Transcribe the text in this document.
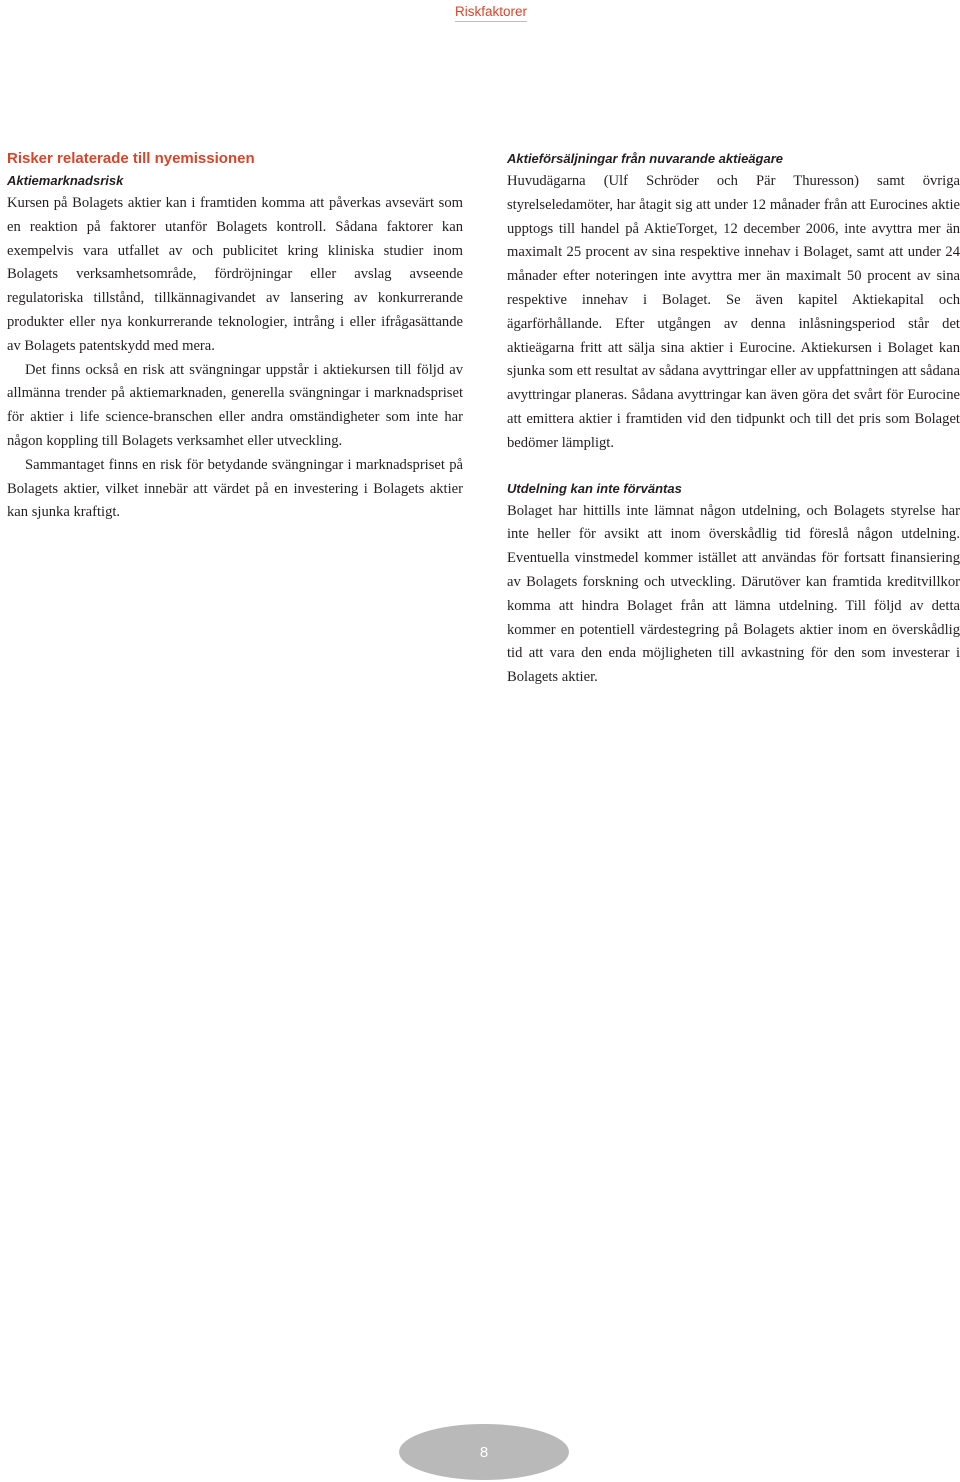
Riskfaktorer
Risker relaterade till nyemissionen
Aktiemarknadsrisk

Kursen på Bolagets aktier kan i framtiden komma att påverkas avsevärt som en reaktion på faktorer utanför Bolagets kontroll. Sådana faktorer kan exempelvis vara utfallet av och publicitet kring kliniska studier inom Bolagets verksamhetsområde, fördröjningar eller avslag avseende regulatoriska tillstånd, tillkännagivandet av lansering av konkurrerande produkter eller nya konkurrerande teknologier, intrång i eller ifrågasättande av Bolagets patentskydd med mera.

Det finns också en risk att svängningar uppstår i aktiekursen till följd av allmänna trender på aktiemarknaden, generella svängningar i marknadspriset för aktier i life science-branschen eller andra omständigheter som inte har någon koppling till Bolagets verksamhet eller utveckling.

Sammantaget finns en risk för betydande svängningar i marknadspriset på Bolagets aktier, vilket innebär att värdet på en investering i Bolagets aktier kan sjunka kraftigt.

Aktieförsäljningar från nuvarande aktieägare

Huvudägarna (Ulf Schröder och Pär Thuresson) samt övriga styrelseledamöter, har åtagit sig att under 12 månader från att Eurocines aktie upptogs till handel på AktieTorget, 12 december 2006, inte avyttra mer än maximalt 25 procent av sina respektive innehav i Bolaget, samt att under 24 månader efter noteringen inte avyttra mer än maximalt 50 procent av sina respektive innehav i Bolaget. Se även kapitel Aktiekapital och ägarförhållande. Efter utgången av denna inlåsningsperiod står det aktieägarna fritt att sälja sina aktier i Eurocine. Aktiekursen i Bolaget kan sjunka som ett resultat av sådana avyttringar eller av uppfattningen att sådana avyttringar planeras. Sådana avyttringar kan även göra det svårt för Eurocine att emittera aktier i framtiden vid den tidpunkt och till det pris som Bolaget bedömer lämpligt.

Utdelning kan inte förväntas

Bolaget har hittills inte lämnat någon utdelning, och Bolagets styrelse har inte heller för avsikt att inom överskådlig tid föreslå någon utdelning. Eventuella vinstmedel kommer istället att användas för fortsatt finansiering av Bolagets forskning och utveckling. Därutöver kan framtida kreditvillkor komma att hindra Bolaget från att lämna utdelning. Till följd av detta kommer en potentiell värdestegring på Bolagets aktier inom en överskådlig tid att vara den enda möjligheten till avkastning för den som investerar i Bolagets aktier.

8
